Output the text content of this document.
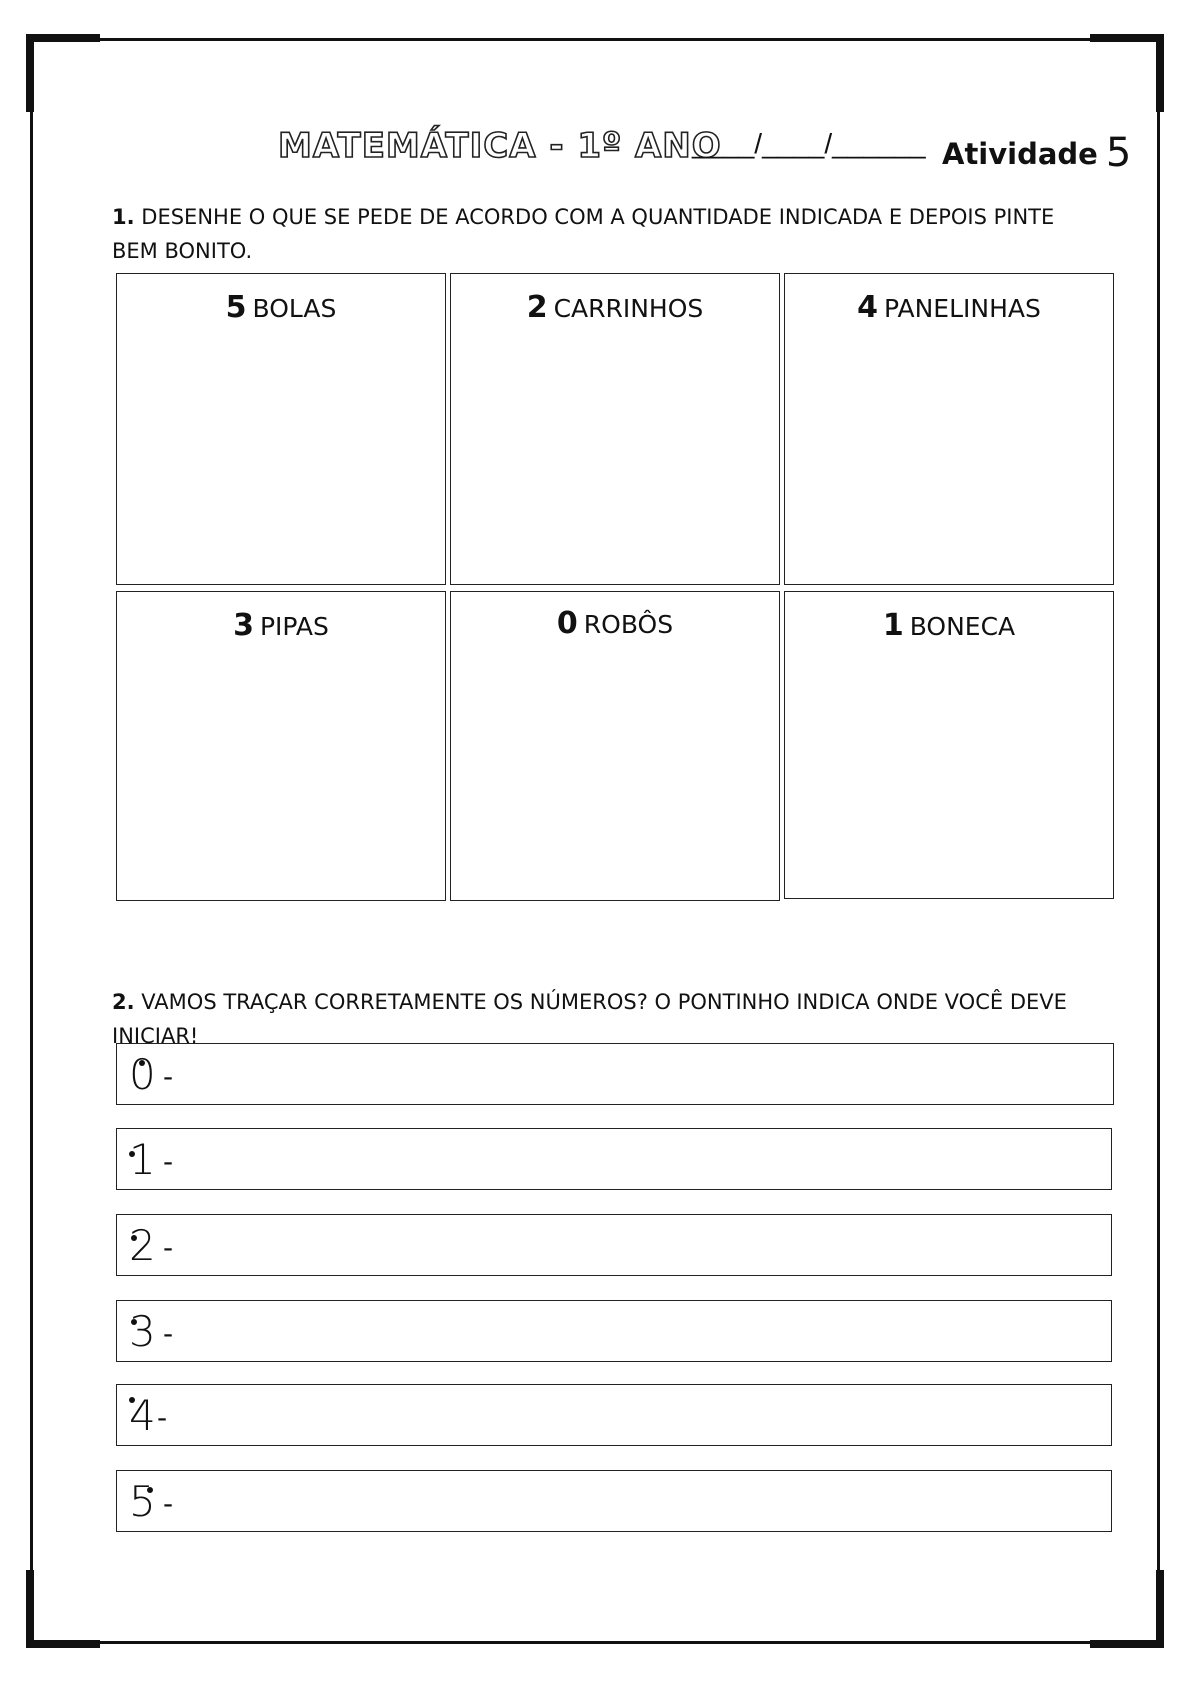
MATEMÁTICA - 1º ANO
____/____/______ Atividade 5
1. DESENHE O QUE SE PEDE DE ACORDO COM A QUANTIDADE INDICADA E DEPOIS PINTE BEM BONITO.
5 BOLAS	2 CARRINHOS	4 PANELINHAS
3 PIPAS	0 ROBÔS	1 BONECA
2. VAMOS TRAÇAR CORRETAMENTE OS NÚMEROS? O PONTINHO INDICA ONDE VOCÊ DEVE INICIAR!
0 -
1 -
2 -
3 -
4 -
5 -
